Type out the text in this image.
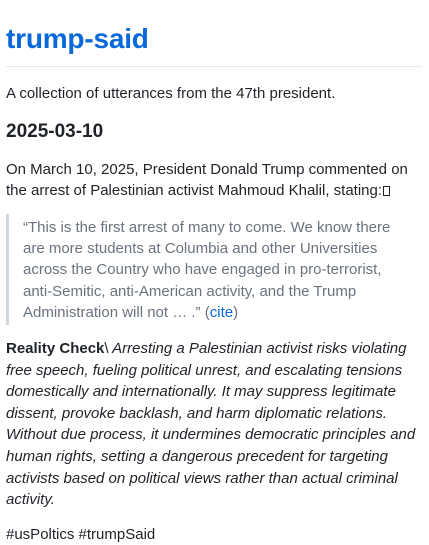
trump-said

A collection of utterances from the 47th president.

2025-03-10

On March 10, 2025, President Donald Trump commented on the arrest of Palestinian activist Mahmoud Khalil, stating:

“This is the first arrest of many to come. We know there are more students at Columbia and other Universities across the Country who have engaged in pro-terrorist, anti-Semitic, anti-American activity, and the Trump Administration will not … .” (cite)

Reality Check\ Arresting a Palestinian activist risks violating free speech, fueling political unrest, and escalating tensions domestically and internationally. It may suppress legitimate dissent, provoke backlash, and harm diplomatic relations. Without due process, it undermines democratic principles and human rights, setting a dangerous precedent for targeting activists based on political views rather than actual criminal activity.

#usPoltics #trumpSaid
